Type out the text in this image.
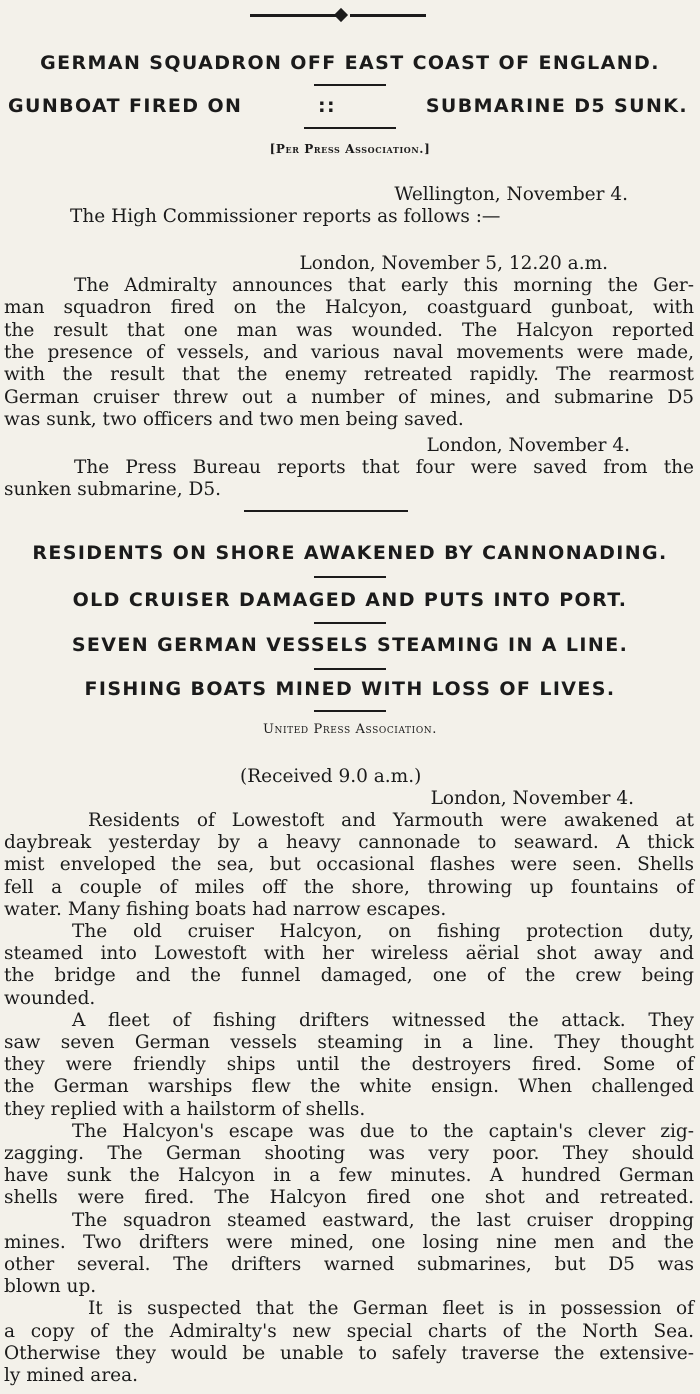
GERMAN SQUADRON OFF EAST COAST OF ENGLAND.
GUNBOAT FIRED ON	::	SUBMARINE D5 SUNK.
[Per Press Association.]
Wellington, November 4.
The High Commissioner reports as follows :—
London, November 5, 12.20 a.m.
The Admiralty announces that early this morning the Ger-
man squadron fired on the Halcyon, coastguard gunboat, with
the result that one man was wounded. The Halcyon reported
the presence of vessels, and various naval movements were made,
with the result that the enemy retreated rapidly. The rearmost
German cruiser threw out a number of mines, and submarine D5
was sunk, two officers and two men being saved.
London, November 4.
The Press Bureau reports that four were saved from the
sunken submarine, D5.
RESIDENTS ON SHORE AWAKENED BY CANNONADING.
OLD CRUISER DAMAGED AND PUTS INTO PORT.
SEVEN GERMAN VESSELS STEAMING IN A LINE.
FISHING BOATS MINED WITH LOSS OF LIVES.
United Press Association.
(Received 9.0 a.m.)
London, November 4.
Residents of Lowestoft and Yarmouth were awakened at
daybreak yesterday by a heavy cannonade to seaward. A thick
mist enveloped the sea, but occasional flashes were seen. Shells
fell a couple of miles off the shore, throwing up fountains of
water. Many fishing boats had narrow escapes.
The old cruiser Halcyon, on fishing protection duty,
steamed into Lowestoft with her wireless aërial shot away and
the bridge and the funnel damaged, one of the crew being
wounded.
A fleet of fishing drifters witnessed the attack. They
saw seven German vessels steaming in a line. They thought
they were friendly ships until the destroyers fired. Some of
the German warships flew the white ensign. When challenged
they replied with a hailstorm of shells.
The Halcyon's escape was due to the captain's clever zig-
zagging. The German shooting was very poor. They should
have sunk the Halcyon in a few minutes. A hundred German
shells were fired. The Halcyon fired one shot and retreated.
The squadron steamed eastward, the last cruiser dropping
mines. Two drifters were mined, one losing nine men and the
other several. The drifters warned submarines, but D5 was
blown up.
It is suspected that the German fleet is in possession of
a copy of the Admiralty's new special charts of the North Sea.
Otherwise they would be unable to safely traverse the extensive-
ly mined area.
